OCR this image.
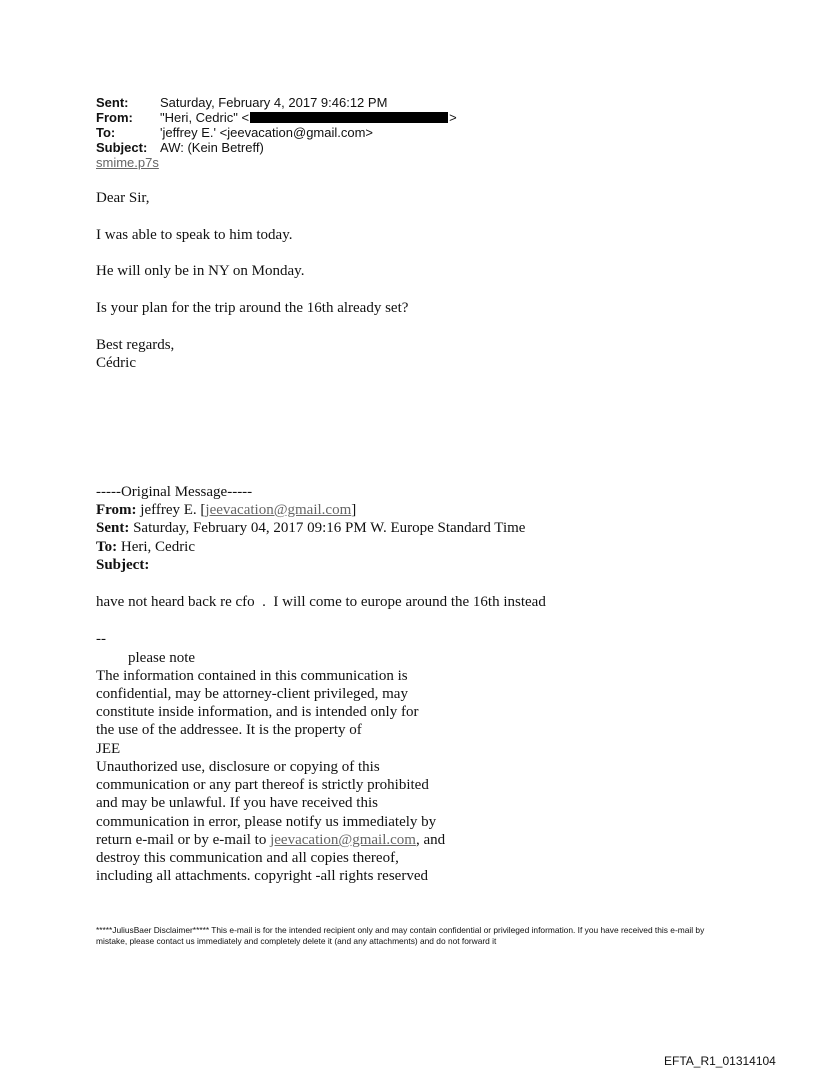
Sent:	Saturday, February 4, 2017 9:46:12 PM
From:	"Heri, Cedric" <	>
To:	'jeffrey E.' <jeevacation@gmail.com>
Subject: AW: (Kein Betreff)
smime.p7s
Dear Sir,
I was able to speak to him today.
He will only be in NY on Monday.
Is your plan for the trip around the 16th already set?
Best regards,
Cédric
-----Original Message-----
From: jeffrey E. [jeevacation@gmail.com]
Sent: Saturday, February 04, 2017 09:16 PM W. Europe Standard Time
To: Heri, Cedric
Subject:
have not heard back re cfo  .  I will come to europe around the 16th instead
--
please note
The information contained in this communication is
confidential, may be attorney-client privileged, may
constitute inside information, and is intended only for
the use of the addressee. It is the property of
JEE
Unauthorized use, disclosure or copying of this
communication or any part thereof is strictly prohibited
and may be unlawful. If you have received this
communication in error, please notify us immediately by
return e-mail or by e-mail to jeevacation@gmail.com, and
destroy this communication and all copies thereof,
including all attachments. copyright -all rights reserved
*****JuliusBaer Disclaimer***** This e-mail is for the intended recipient only and may contain confidential or privileged information. If you have received this e-mail by mistake, please contact us immediately and completely delete it (and any attachments) and do not forward it
EFTA_R1_01314104
